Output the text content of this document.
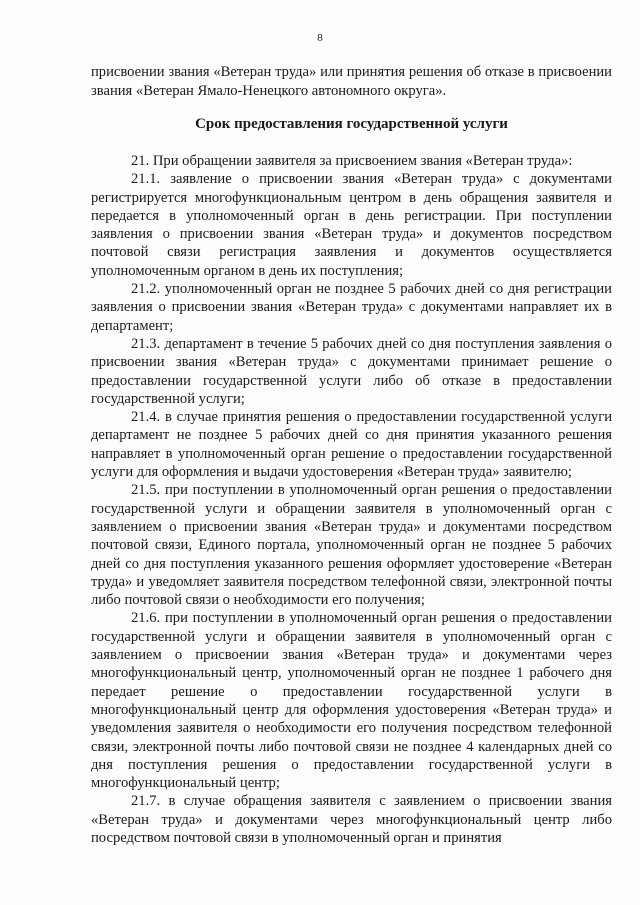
8

присвоении звания «Ветеран труда» или принятия решения об отказе в присвоении звания «Ветеран Ямало-Ненецкого автономного округа».

Срок предоставления государственной услуги

21. При обращении заявителя за присвоением звания «Ветеран труда»:

21.1. заявление о присвоении звания «Ветеран труда» с документами регистрируется многофункциональным центром в день обращения заявителя и передается в уполномоченный орган в день регистрации. При поступлении заявления о присвоении звания «Ветеран труда» и документов посредством почтовой связи регистрация заявления и документов осуществляется уполномоченным органом в день их поступления;

21.2. уполномоченный орган не позднее 5 рабочих дней со дня регистрации заявления о присвоении звания «Ветеран труда» с документами направляет их в департамент;

21.3. департамент в течение 5 рабочих дней со дня поступления заявления о присвоении звания «Ветеран труда» с документами принимает решение о предоставлении государственной услуги либо об отказе в предоставлении государственной услуги;

21.4. в случае принятия решения о предоставлении государственной услуги департамент не позднее 5 рабочих дней со дня принятия указанного решения направляет в уполномоченный орган решение о предоставлении государственной услуги для оформления и выдачи удостоверения «Ветеран труда» заявителю;

21.5. при поступлении в уполномоченный орган решения о предоставлении государственной услуги и обращении заявителя в уполномоченный орган с заявлением о присвоении звания «Ветеран труда» и документами посредством почтовой связи, Единого портала, уполномоченный орган не позднее 5 рабочих дней со дня поступления указанного решения оформляет удостоверение «Ветеран труда» и уведомляет заявителя посредством телефонной связи, электронной почты либо почтовой связи о необходимости его получения;

21.6. при поступлении в уполномоченный орган решения о предоставлении государственной услуги и обращении заявителя в уполномоченный орган с заявлением о присвоении звания «Ветеран труда» и документами через многофункциональный центр, уполномоченный орган не позднее 1 рабочего дня передает решение о предоставлении государственной услуги в многофункциональный центр для оформления удостоверения «Ветеран труда» и уведомления заявителя о необходимости его получения посредством телефонной связи, электронной почты либо почтовой связи не позднее 4 календарных дней со дня поступления решения о предоставлении государственной услуги в многофункциональный центр;

21.7. в случае обращения заявителя с заявлением о присвоении звания «Ветеран труда» и документами через многофункциональный центр либо посредством почтовой связи в уполномоченный орган и принятия
